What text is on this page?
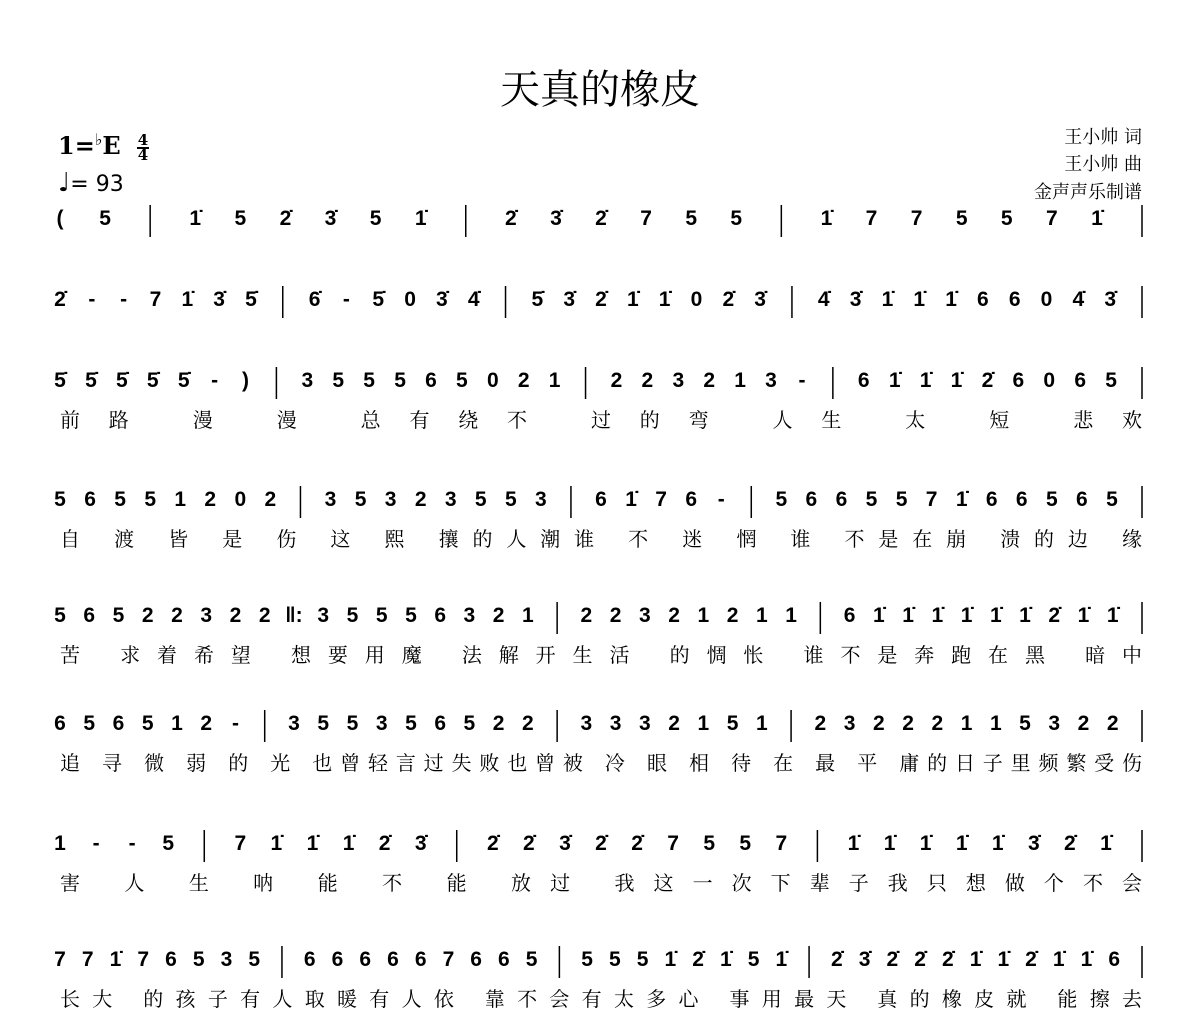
天真的橡皮
$1=^♭E \frac{4}{4}$
♩= 93
王小帅 词
王小帅 曲
金声声乐制谱
( 5	1̇ 5 2̇ 3̇ 5 1̇	2̇ 3̇ 2̇ 7 5 5	1̇ 7 7 5 5 7 1̇
2̇ - - 7 1̇ 3̇ 5̇ 6̇ - 5̇ 0 3̇ 4̇ 5̇ 3̇ 2̇ 1̇ 1̇ 0 2̇ 3̇ 4̇ 3̇ 1̇ 1̇ 1̇ 6 6 0 4̇ 3̇
5̇ 5̇ 5̇ 5̇ 5̇ - ) 3 5 5 5 6 5 0 2 1 2 2 3 2 1 3 - 6 1̇ 1̇ 1̇ 2̇ 6 0 6 5
前路 漫 漫 总有绕不 过的弯 人生 太 短 悲欢
5 6 5 5 1 2 0 2 3 5 3 2 3 5 5 3 6 1̇ 7 6 - 5 6 6 5 5 7 1̇ 6 6 5 6 5
自 渡 皆 是 伤 这 熙 攘的人潮谁 不 迷 惘 谁 不是在崩 溃的边 缘
5 6 5 2 2 3 2 2 ‖: 3 5 5 5 6 3 2 1 2 2 3 2 1 2 1 1 6 1̇ 1̇ 1̇ 1̇ 1̇ 1̇ 2̇ 1̇ 1̇
苦 求着希望 想要用魔 法解开生活 的惆怅 谁不是奔跑在黑 暗中
6 5 6 5 1 2 - 3 5 5 3 5 6 5 2 2 3 3 3 2 1 5 1 2 3 2 2 2 1 1 5 3 2 2
追 寻 微 弱 的 光 也曾轻言过失败也曾被 冷 眼 相 待 在 最 平 庸的日子里频繁受伤
1 - - 5	7 1̇ 1̇ 1̇ 2̇ 3̇	2̇ 2̇ 3̇ 2̇ 2̇ 7 5 5 7	1̇ 1̇ 1̇ 1̇ 1̇ 3̇ 2̇ 1̇
害 人 生 呐 能 不 能 放过 我这一次下辈子我只想做个不会
7 7 1̇ 7 6 5 3 5 6 6 6 6 6 7 6 6 5 5 5 5 1̇ 2̇ 1̇ 5 1̇ 2̇ 3̇ 2̇ 2̇ 2̇ 1̇ 1̇ 2̇ 1̇ 1̇ 6
长大 的孩子有人取暖有人依 靠不会有太多心 事用最天 真的橡皮就 能擦去
